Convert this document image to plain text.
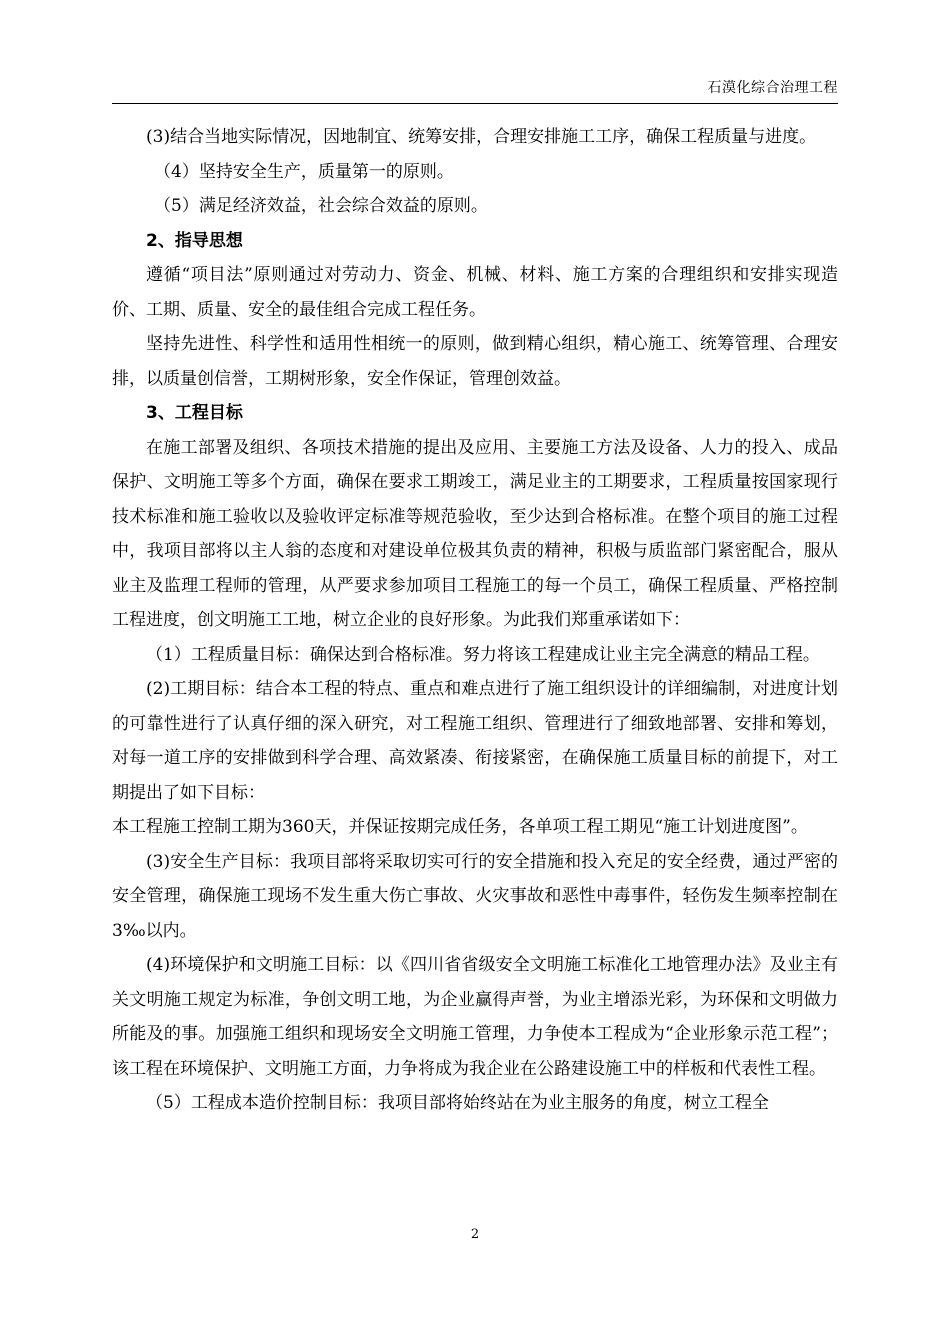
石漠化综合治理工程

(3)结合当地实际情况，因地制宜、统筹安排，合理安排施工工序，确保工程质量与进度。

（4）坚持安全生产，质量第一的原则。

（5）满足经济效益，社会综合效益的原则。

2、指导思想

遵循“项目法”原则通过对劳动力、资金、机械、材料、施工方案的合理组织和安排实现造价、工期、质量、安全的最佳组合完成工程任务。

坚持先进性、科学性和适用性相统一的原则，做到精心组织，精心施工、统筹管理、合理安排，以质量创信誉，工期树形象，安全作保证，管理创效益。

3、工程目标

在施工部署及组织、各项技术措施的提出及应用、主要施工方法及设备、人力的投入、成品保护、文明施工等多个方面，确保在要求工期竣工，满足业主的工期要求，工程质量按国家现行技术标准和施工验收以及验收评定标准等规范验收，至少达到合格标准。在整个项目的施工过程中，我项目部将以主人翁的态度和对建设单位极其负责的精神，积极与质监部门紧密配合，服从业主及监理工程师的管理，从严要求参加项目工程施工的每一个员工，确保工程质量、严格控制工程进度，创文明施工工地，树立企业的良好形象。为此我们郑重承诺如下：

（1）工程质量目标：确保达到合格标准。努力将该工程建成让业主完全满意的精品工程。

(2)工期目标：结合本工程的特点、重点和难点进行了施工组织设计的详细编制，对进度计划的可靠性进行了认真仔细的深入研究，对工程施工组织、管理进行了细致地部署、安排和筹划，对每一道工序的安排做到科学合理、高效紧凑、衔接紧密，在确保施工质量目标的前提下，对工期提出了如下目标：

本工程施工控制工期为360天，并保证按期完成任务，各单项工程工期见“施工计划进度图”。

(3)安全生产目标：我项目部将采取切实可行的安全措施和投入充足的安全经费，通过严密的安全管理，确保施工现场不发生重大伤亡事故、火灾事故和恶性中毒事件，轻伤发生频率控制在3‰以内。

(4)环境保护和文明施工目标：以《四川省省级安全文明施工标准化工地管理办法》及业主有关文明施工规定为标准，争创文明工地，为企业赢得声誉，为业主增添光彩，为环保和文明做力所能及的事。加强施工组织和现场安全文明施工管理，力争使本工程成为“企业形象示范工程”；该工程在环境保护、文明施工方面，力争将成为我企业在公路建设施工中的样板和代表性工程。

（5）工程成本造价控制目标：我项目部将始终站在为业主服务的角度，树立工程全

2
